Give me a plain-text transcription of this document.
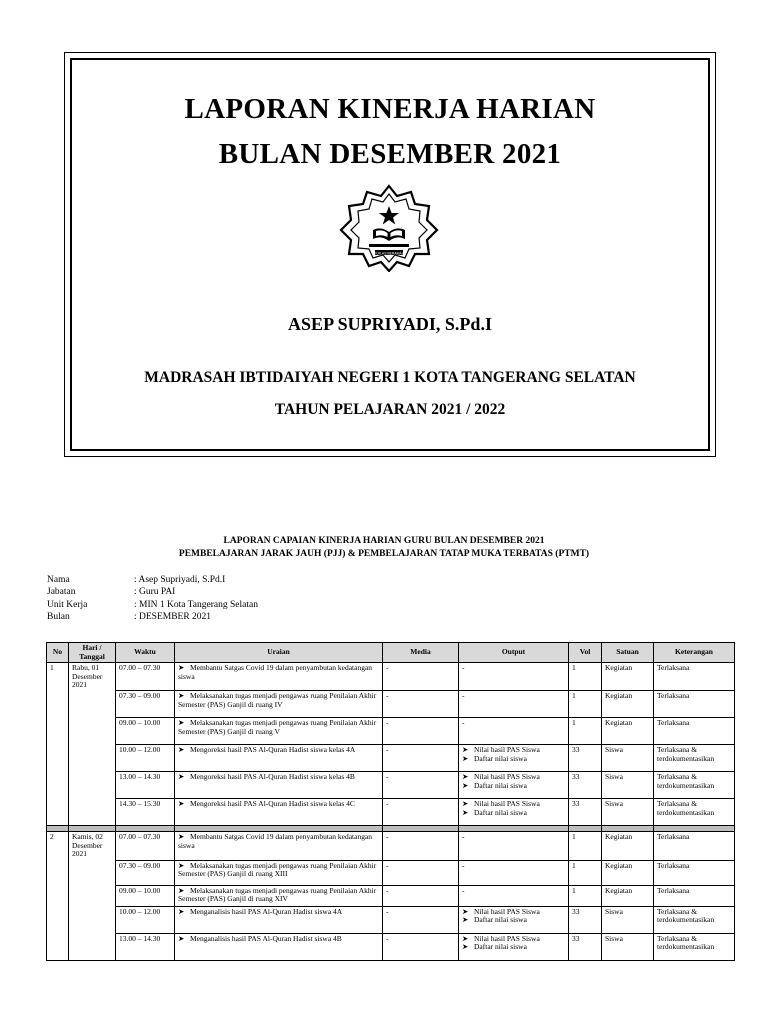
LAPORAN KINERJA HARIAN
BULAN DESEMBER 2021
IKHLAS BERAMAL
ASEP SUPRIYADI, S.Pd.I
MADRASAH IBTIDAIYAH NEGERI 1 KOTA TANGERANG SELATAN
TAHUN PELAJARAN 2021 / 2022
LAPORAN CAPAIAN KINERJA HARIAN GURU BULAN DESEMBER 2021
PEMBELAJARAN JARAK JAUH (PJJ) & PEMBELAJARAN TATAP MUKA TERBATAS (PTMT)
Nama	: Asep Supriyadi, S.Pd.I
Jabatan	: Guru PAI
Unit Kerja	: MIN 1 Kota Tangerang Selatan
Bulan	: DESEMBER 2021
No	Hari / Tanggal	Waktu	Uraian	Media	Output	Vol	Satuan	Keterangan
1	Rabu, 01 Desember 2021	07.00 – 07.30	➤ Membantu Satgas Covid 19 dalam penyambutan kedatangan siswa	-	-	1	Kegiatan	Terlaksana
		07.30 – 09.00	➤ Melaksanakan tugas menjadi pengawas ruang Penilaian Akhir Semester (PAS) Ganjil di ruang IV	-	-	1	Kegiatan	Terlaksana
		09.00 – 10.00	➤ Melaksanakan tugas menjadi pengawas ruang Penilaian Akhir Semester (PAS) Ganjil di ruang V	-	-	1	Kegiatan	Terlaksana
		10.00 – 12.00	➤ Mengoreksi hasil PAS Al-Quran Hadist siswa kelas 4A	-	➤ Nilai hasil PAS Siswa
➤ Daftar nilai siswa	33	Siswa	Terlaksana & terdokumentasikan
		13.00 – 14.30	➤ Mengoreksi hasil PAS Al-Quran Hadist siswa kelas 4B	-	➤ Nilai hasil PAS Siswa
➤ Daftar nilai siswa	33	Siswa	Terlaksana & terdokumentasikan
		14.30 – 15.30	➤ Mengoreksi hasil PAS Al-Quran Hadist siswa kelas 4C	-	➤ Nilai hasil PAS Siswa
➤ Daftar nilai siswa	33	Siswa	Terlaksana & terdokumentasikan

2	Kamis, 02 Desember 2021	07.00 – 07.30	➤ Membantu Satgas Covid 19 dalam penyambutan kedatangan siswa	-	-	1	Kegiatan	Terlaksana
		07.30 – 09.00	➤ Melaksanakan tugas menjadi pengawas ruang Penilaian Akhir Semester (PAS) Ganjil di ruang XIII	-	-	1	Kegiatan	Terlaksana
		09.00 – 10.00	➤ Melaksanakan tugas menjadi pengawas ruang Penilaian Akhir Semester (PAS) Ganjil di ruang XIV	-	-	1	Kegiatan	Terlaksana
		10.00 – 12.00	➤ Menganalisis hasil PAS Al-Quran Hadist siswa 4A	-	➤ Nilai hasil PAS Siswa
➤ Daftar nilai siswa	33	Siswa	Terlaksana & terdokumentasikan
		13.00 – 14.30	➤ Menganalisis hasil PAS Al-Quran Hadist siswa 4B	-	➤ Nilai hasil PAS Siswa
➤ Daftar nilai siswa	33	Siswa	Terlaksana & terdokumentasikan
